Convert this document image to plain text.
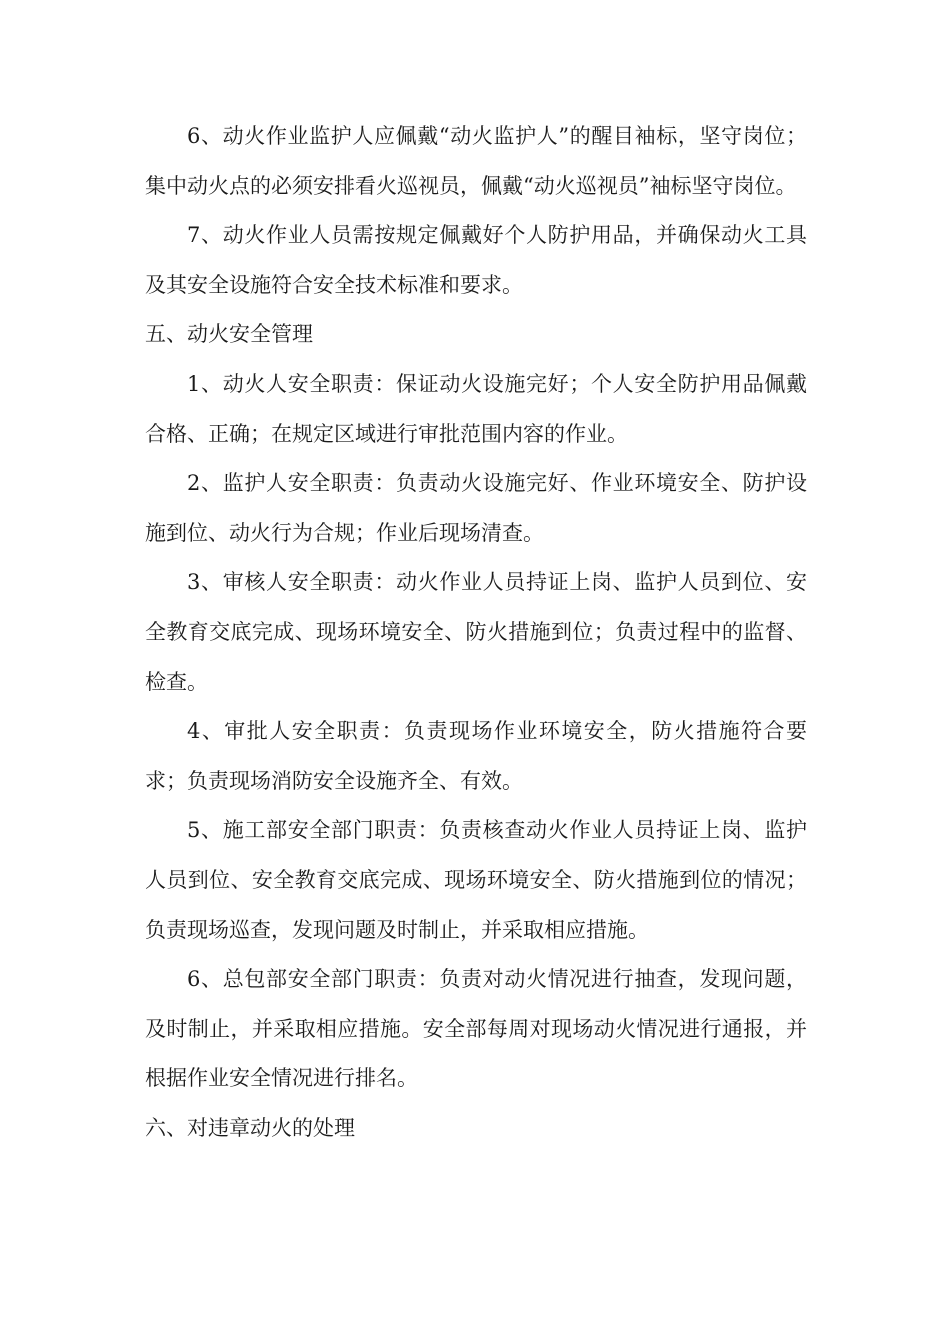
6、动火作业监护人应佩戴“动火监护人”的醒目袖标，坚守岗位；集中动火点的必须安排看火巡视员，佩戴“动火巡视员”袖标坚守岗位。

7、动火作业人员需按规定佩戴好个人防护用品，并确保动火工具及其安全设施符合安全技术标准和要求。

五、动火安全管理

1、动火人安全职责：保证动火设施完好；个人安全防护用品佩戴合格、正确；在规定区域进行审批范围内容的作业。

2、监护人安全职责：负责动火设施完好、作业环境安全、防护设施到位、动火行为合规；作业后现场清查。

3、审核人安全职责：动火作业人员持证上岗、监护人员到位、安全教育交底完成、现场环境安全、防火措施到位；负责过程中的监督、检查。

4、审批人安全职责：负责现场作业环境安全，防火措施符合要求；负责现场消防安全设施齐全、有效。

5、施工部安全部门职责：负责核查动火作业人员持证上岗、监护人员到位、安全教育交底完成、现场环境安全、防火措施到位的情况；负责现场巡查，发现问题及时制止，并采取相应措施。

6、总包部安全部门职责：负责对动火情况进行抽查，发现问题，及时制止，并采取相应措施。安全部每周对现场动火情况进行通报，并根据作业安全情况进行排名。

六、对违章动火的处理
